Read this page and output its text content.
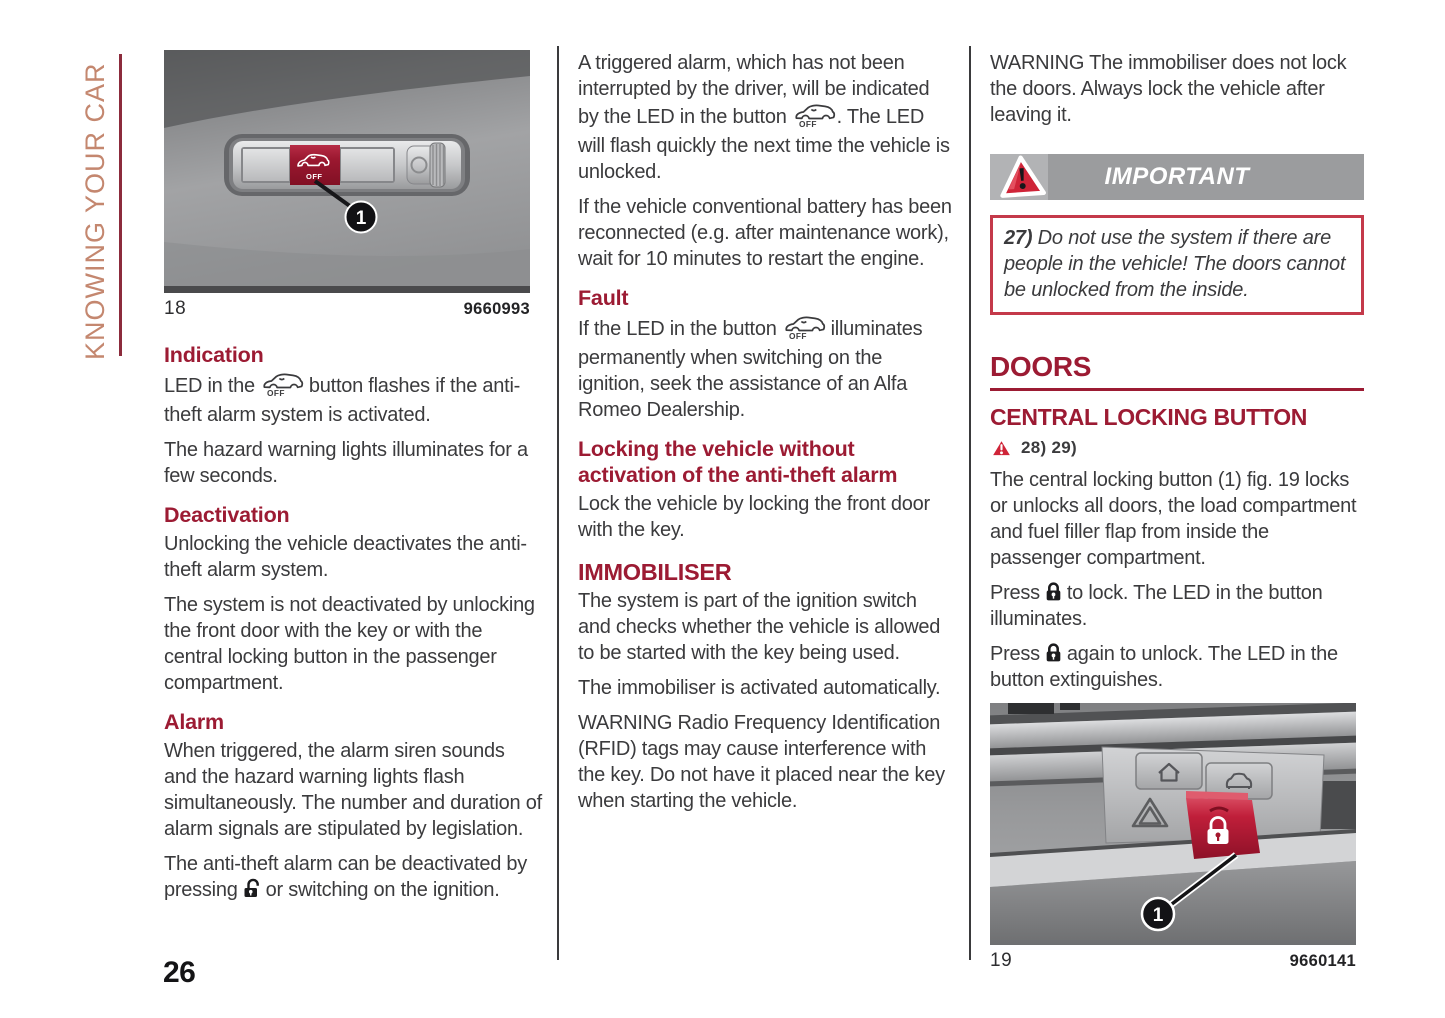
KNOWING YOUR CAR	OFF
1
18	9660993
Indication

LED in the OFF button flashes if the anti-theft alarm system is activated.

The hazard warning lights illuminates for a few seconds.

Deactivation

Unlocking the vehicle deactivates the anti-theft alarm system.

The system is not deactivated by unlocking the front door with the key or with the central locking button in the passenger compartment.

Alarm

When triggered, the alarm siren sounds and the hazard warning lights flash simultaneously. The number and duration of alarm signals are stipulated by legislation.

The anti-theft alarm can be deactivated by pressing or switching on the ignition.

A triggered alarm, which has not been interrupted by the driver, will be indicated by the LED in the button OFF . The LED will flash quickly the next time the vehicle is unlocked.

If the vehicle conventional battery has been reconnected (e.g. after maintenance work), wait for 10 minutes to restart the engine.

Fault

If the LED in the button OFF illuminates permanently when switching on the ignition, seek the assistance of an Alfa Romeo Dealership.

Locking the vehicle without activation of the anti-theft alarm

Lock the vehicle by locking the front door with the key.

IMMOBILISER

The system is part of the ignition switch and checks whether the vehicle is allowed to be started with the key being used.

The immobiliser is activated automatically.

WARNING Radio Frequency Identification (RFID) tags may cause interference with the key. Do not have it placed near the key when starting the vehicle.

WARNING The immobiliser does not lock the doors. Always lock the vehicle after leaving it.

IMPORTANT
27) Do not use the system if there are people in the vehicle! The doors cannot be unlocked from the inside.
DOORS
CENTRAL LOCKING BUTTON
28) 29)

The central locking button (1) fig. 19 locks or unlocks all doors, the load compartment and fuel filler flap from inside the passenger compartment.

Press to lock. The LED in the button illuminates.

Press again to unlock. The LED in the button extinguishes.

1
19	9660141
26
